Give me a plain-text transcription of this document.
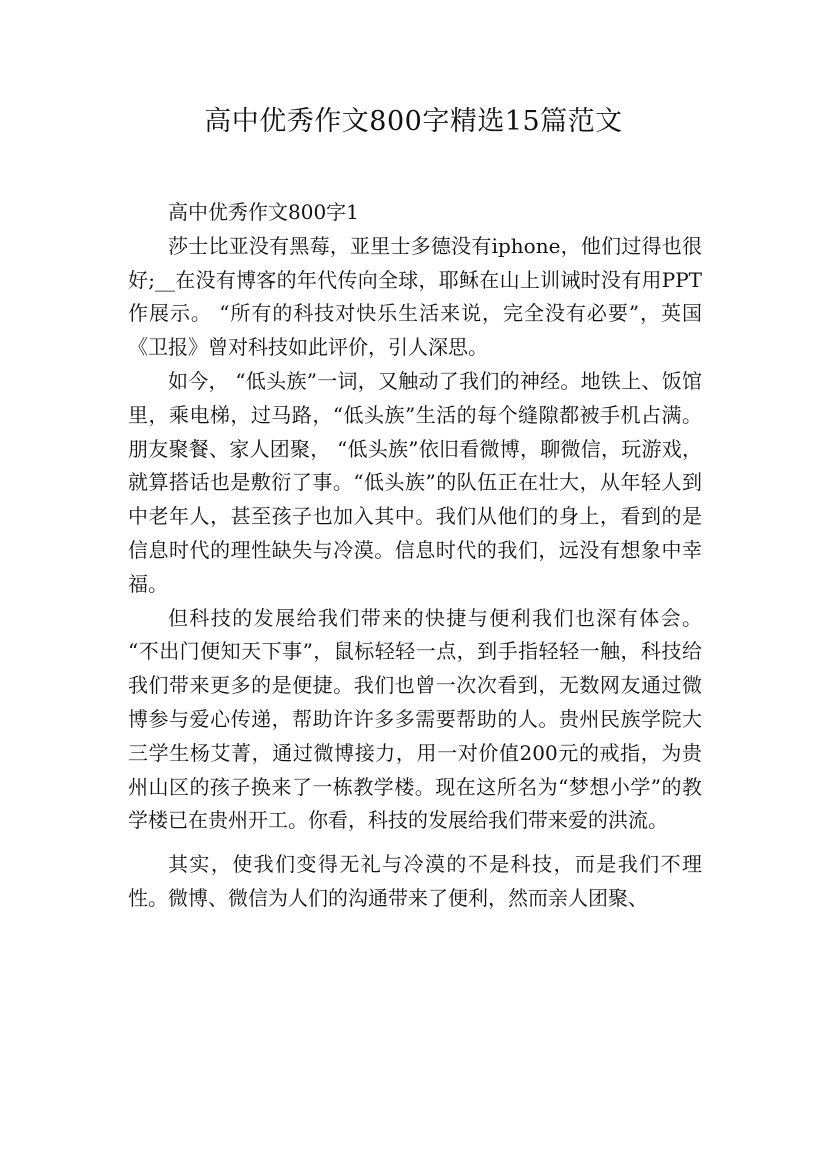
高中优秀作文800字精选15篇范文

高中优秀作文800字1

莎士比亚没有黑莓，亚里士多德没有iphone，他们过得也很好;__在没有博客的年代传向全球，耶稣在山上训诫时没有用PPT作展示。 “所有的科技对快乐生活来说，完全没有必要”，英国《卫报》曾对科技如此评价，引人深思。

如今， “低头族”一词，又触动了我们的神经。地铁上、饭馆里，乘电梯，过马路，“低头族”生活的每个缝隙都被手机占满。朋友聚餐、家人团聚， “低头族”依旧看微博，聊微信，玩游戏，就算搭话也是敷衍了事。“低头族”的队伍正在壮大，从年轻人到中老年人，甚至孩子也加入其中。我们从他们的身上，看到的是信息时代的理性缺失与冷漠。信息时代的我们，远没有想象中幸福。

但科技的发展给我们带来的快捷与便利我们也深有体会。 “不出门便知天下事”，鼠标轻轻一点，到手指轻轻一触，科技给我们带来更多的是便捷。我们也曾一次次看到，无数网友通过微博参与爱心传递，帮助许许多多需要帮助的人。贵州民族学院大三学生杨艾菁，通过微博接力，用一对价值200元的戒指，为贵州山区的孩子换来了一栋教学楼。现在这所名为“梦想小学”的教学楼已在贵州开工。你看，科技的发展给我们带来爱的洪流。

其实，使我们变得无礼与冷漠的不是科技，而是我们不理性。微博、微信为人们的沟通带来了便利，然而亲人团聚、
